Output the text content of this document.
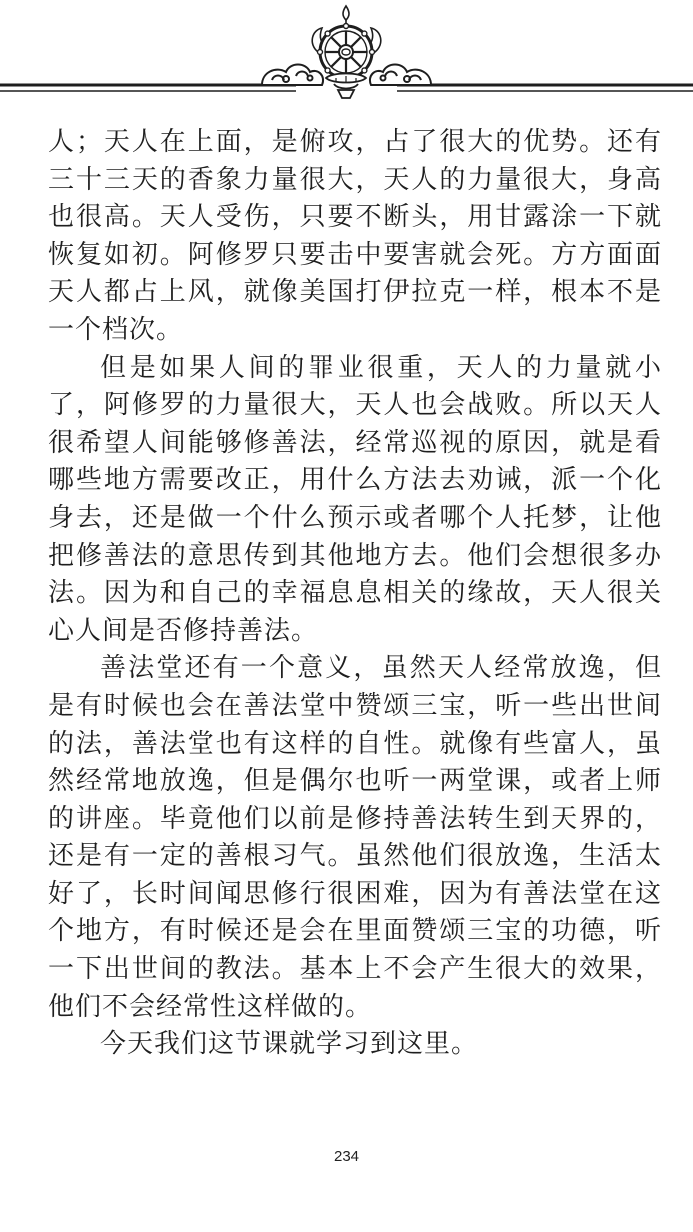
人；天人在上面，是俯攻，占了很大的优势。还有三十三天的香象力量很大，天人的力量很大，身高也很高。天人受伤，只要不断头，用甘露涂一下就恢复如初。阿修罗只要击中要害就会死。方方面面天人都占上风，就像美国打伊拉克一样，根本不是一个档次。

但是如果人间的罪业很重，天人的力量就小了，阿修罗的力量很大，天人也会战败。所以天人很希望人间能够修善法，经常巡视的原因，就是看哪些地方需要改正，用什么方法去劝诫，派一个化身去，还是做一个什么预示或者哪个人托梦，让他把修善法的意思传到其他地方去。他们会想很多办法。因为和自己的幸福息息相关的缘故，天人很关心人间是否修持善法。

善法堂还有一个意义，虽然天人经常放逸，但是有时候也会在善法堂中赞颂三宝，听一些出世间的法，善法堂也有这样的自性。就像有些富人，虽然经常地放逸，但是偶尔也听一两堂课，或者上师的讲座。毕竟他们以前是修持善法转生到天界的，还是有一定的善根习气。虽然他们很放逸，生活太好了，长时间闻思修行很困难，因为有善法堂在这个地方，有时候还是会在里面赞颂三宝的功德，听一下出世间的教法。基本上不会产生很大的效果，他们不会经常性这样做的。

今天我们这节课就学习到这里。

234
